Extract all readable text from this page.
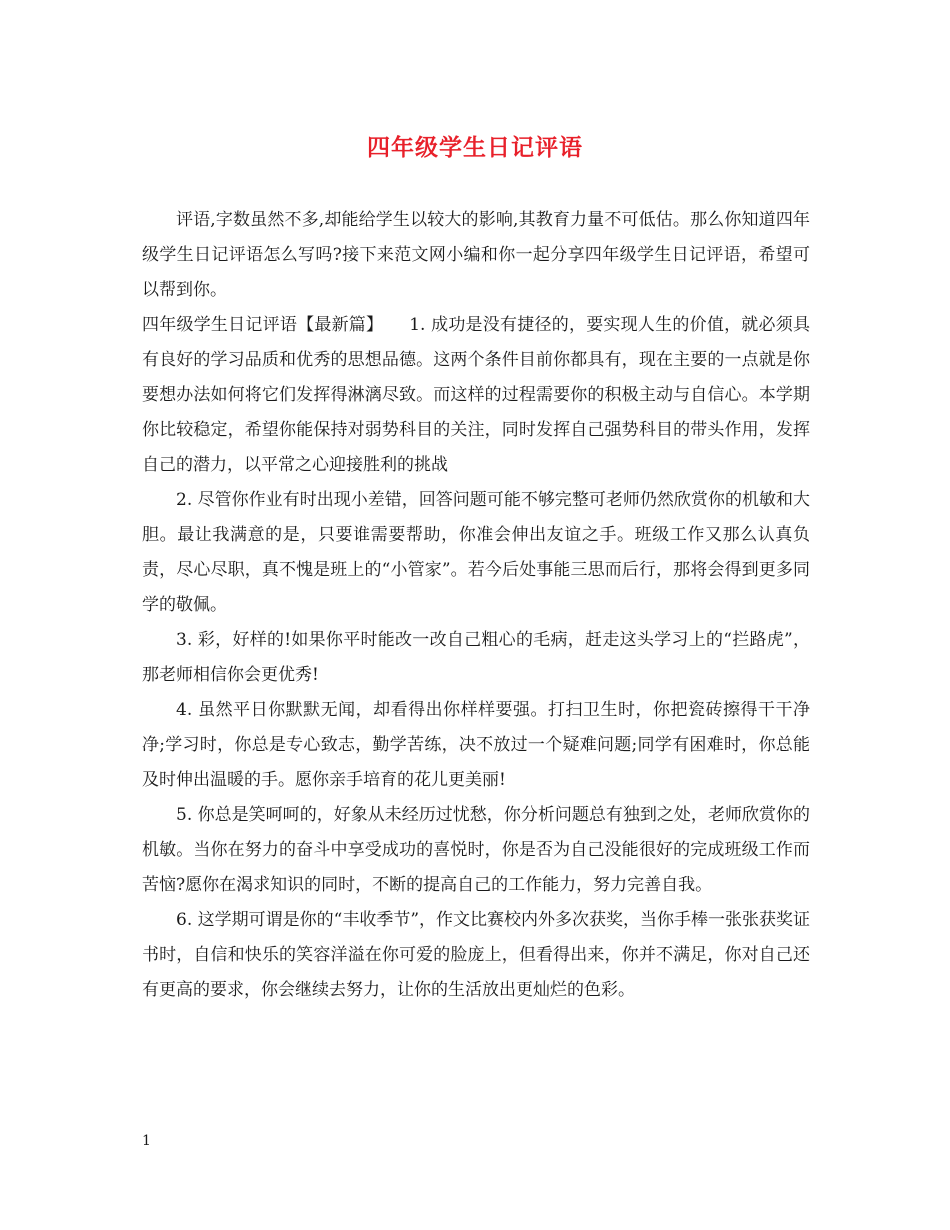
四年级学生日记评语

评语,字数虽然不多,却能给学生以较大的影响,其教育力量不可低估。那么你知道四年级学生日记评语怎么写吗?接下来范文网小编和你一起分享四年级学生日记评语，希望可以帮到你。

四年级学生日记评语【最新篇】　　1. 成功是没有捷径的，要实现人生的价值，就必须具有良好的学习品质和优秀的思想品德。这两个条件目前你都具有，现在主要的一点就是你要想办法如何将它们发挥得淋漓尽致。而这样的过程需要你的积极主动与自信心。本学期你比较稳定，希望你能保持对弱势科目的关注，同时发挥自己强势科目的带头作用，发挥自己的潜力，以平常之心迎接胜利的挑战

2. 尽管你作业有时出现小差错，回答问题可能不够完整可老师仍然欣赏你的机敏和大胆。最让我满意的是，只要谁需要帮助，你准会伸出友谊之手。班级工作又那么认真负责，尽心尽职，真不愧是班上的“小管家”。若今后处事能三思而后行，那将会得到更多同学的敬佩。

3. 彩，好样的!如果你平时能改一改自己粗心的毛病，赶走这头学习上的“拦路虎”，那老师相信你会更优秀!

4. 虽然平日你默默无闻，却看得出你样样要强。打扫卫生时，你把瓷砖擦得干干净净;学习时，你总是专心致志，勤学苦练，决不放过一个疑难问题;同学有困难时，你总能及时伸出温暖的手。愿你亲手培育的花儿更美丽!

5. 你总是笑呵呵的，好象从未经历过忧愁，你分析问题总有独到之处，老师欣赏你的机敏。当你在努力的奋斗中享受成功的喜悦时，你是否为自己没能很好的完成班级工作而苦恼?愿你在渴求知识的同时，不断的提高自己的工作能力，努力完善自我。

6. 这学期可谓是你的“丰收季节”，作文比赛校内外多次获奖，当你手棒一张张获奖证书时，自信和快乐的笑容洋溢在你可爱的脸庞上，但看得出来，你并不满足，你对自己还有更高的要求，你会继续去努力，让你的生活放出更灿烂的色彩。

1
